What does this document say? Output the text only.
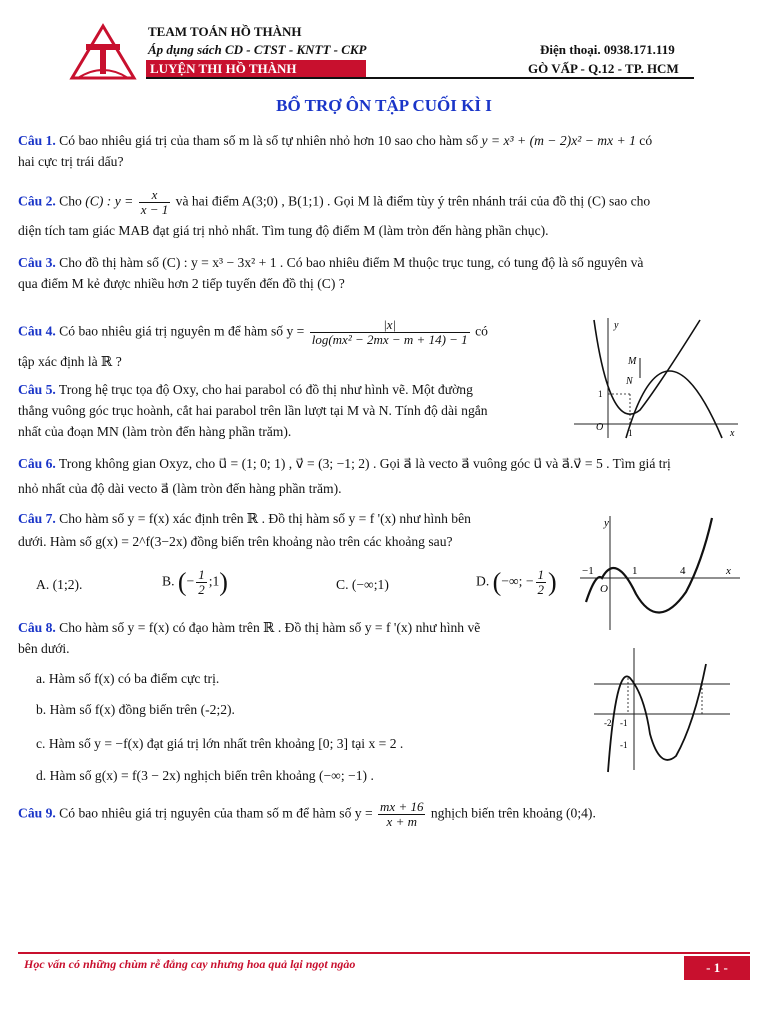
TEAM TOÁN HỒ THÀNH
Áp dụng sách CD - CTST - KNTT - CKP	Điện thoại. 0938.171.119
LUYỆN THI HỒ THÀNH	GÒ VẤP - Q.12 - TP. HCM
BỔ TRỢ ÔN TẬP CUỐI KÌ I
Câu 1. Có bao nhiêu giá trị của tham số m là số tự nhiên nhỏ hơn 10 sao cho hàm số y = x³ + (m − 2)x² − mx + 1 có
hai cực trị trái dấu?
Câu 2. Cho (C) : $y = \frac{x}{x - 1}$ và hai điểm A(3;0) , B(1;1) . Gọi M là điểm tùy ý trên nhánh trái của đồ thị (C) sao cho
diện tích tam giác MAB đạt giá trị nhỏ nhất. Tìm tung độ điểm M (làm tròn đến hàng phần chục).
Câu 3. Cho đồ thị hàm số (C) : y = x³ − 3x² + 1 . Có bao nhiêu điểm M thuộc trục tung, có tung độ là số nguyên và
qua điểm M kẻ được nhiều hơn 2 tiếp tuyến đến đồ thị (C) ?
Câu 4. Có bao nhiêu giá trị nguyên m để hàm số $y = \frac{|x|}{\text{log(mx² − 2mx − m + 14) − 1}}$ có
tập xác định là ℝ ?
y
x
O	1
1
M
N
Câu 5. Trong hệ trục tọa độ Oxy, cho hai parabol có đồ thị như hình vẽ. Một đường
thẳng vuông góc trục hoành, cắt hai parabol trên lần lượt tại M và N. Tính độ dài ngắn
nhất của đoạn MN (làm tròn đến hàng phần trăm).
Câu 6. Trong không gian Oxyz, cho u⃗ = (1; 0; 1) , v⃗ = (3; −1; 2) . Gọi a⃗ là vecto a⃗ vuông góc u⃗ và a⃗.v⃗ = 5 . Tìm giá trị
nhỏ nhất của độ dài vecto a⃗ (làm tròn đến hàng phần trăm).
Câu 7. Cho hàm số y = f(x) xác định trên ℝ . Đồ thị hàm số y = f '(x) như hình bên
dưới. Hàm số g(x) = 2^f(3−2x) đồng biến trên khoảng nào trên các khoảng sau?
y
x
O
−1	1	4
A. (1;2).	B. (− $\frac{1}{2}$ ;1)	C. (−∞;1)	D. (−∞; − $\frac{1}{2}$ )
Câu 8. Cho hàm số y = f(x) có đạo hàm trên ℝ . Đồ thị hàm số y = f '(x) như hình vẽ
bên dưới.
a. Hàm số f(x) có ba điểm cực trị.
b. Hàm số f(x) đồng biến trên (-2;2).
c. Hàm số y = −f(x) đạt giá trị lớn nhất trên khoảng [0; 3] tại x = 2 .
d. Hàm số g(x) = f(3 − 2x) nghịch biến trên khoảng (−∞; −1) .
-2 -1
-1
Câu 9. Có bao nhiêu giá trị nguyên của tham số m để hàm số $y = \frac{mx + 16}{x + m}$ nghịch biến trên khoảng (0;4).
Học vấn có những chùm rễ đắng cay nhưng hoa quả lại ngọt ngào	- 1 -
